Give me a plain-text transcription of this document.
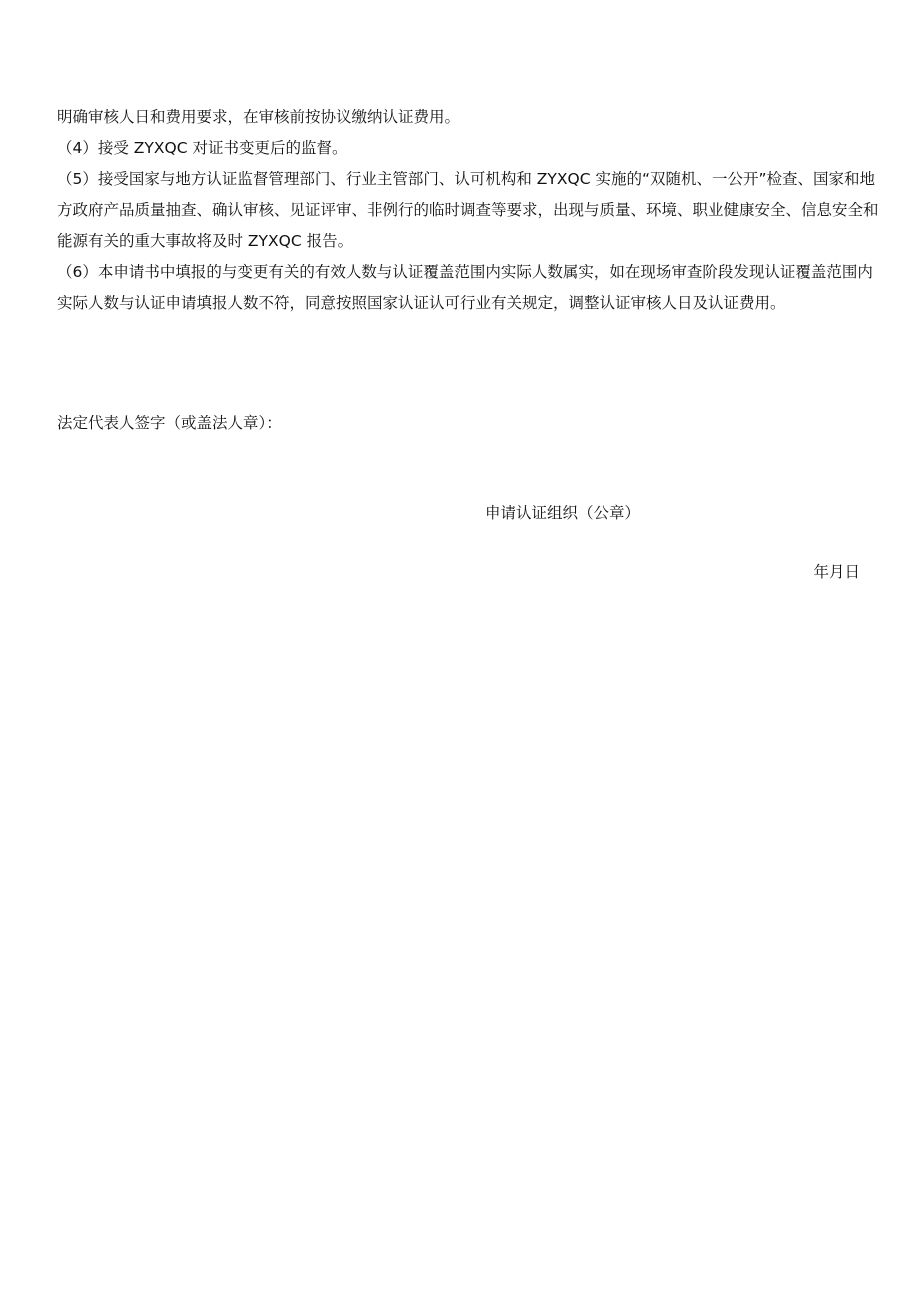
明确审核人日和费用要求，在审核前按协议缴纳认证费用。

（4）接受 ZYXQC 对证书变更后的监督。

（5）接受国家与地方认证监督管理部门、行业主管部门、认可机构和 ZYXQC 实施的“双随机、一公开”检查、国家和地方政府产品质量抽查、确认审核、见证评审、非例行的临时调查等要求，出现与质量、环境、职业健康安全、信息安全和能源有关的重大事故将及时 ZYXQC 报告。

（6）本申请书中填报的与变更有关的有效人数与认证覆盖范围内实际人数属实，如在现场审查阶段发现认证覆盖范围内实际人数与认证申请填报人数不符，同意按照国家认证认可行业有关规定，调整认证审核人日及认证费用。

法定代表人签字（或盖法人章）：

申请认证组织（公章）

年月日
